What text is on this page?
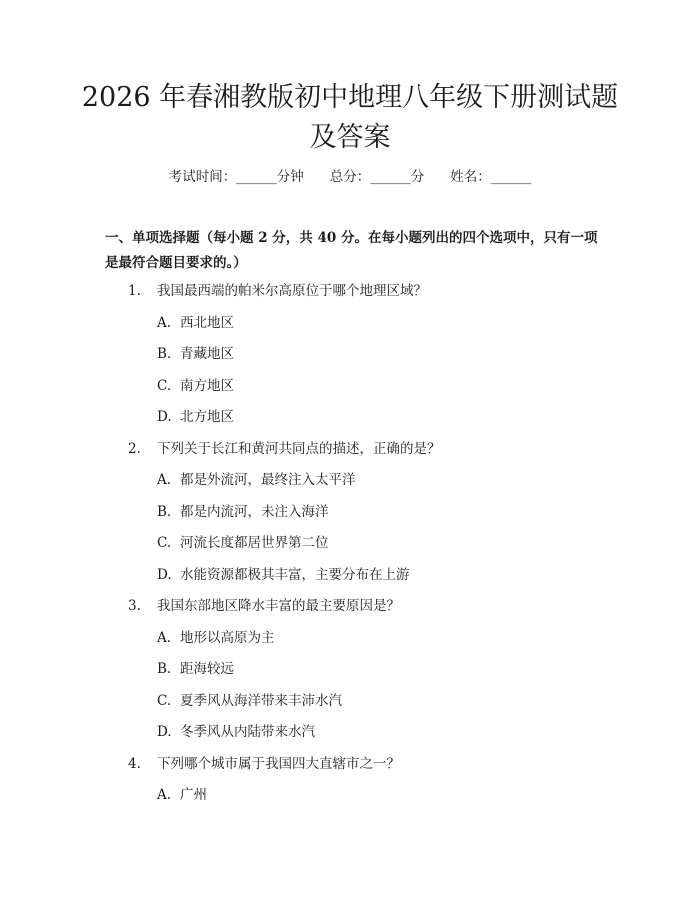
2026 年春湘教版初中地理八年级下册测试题
及答案
考试时间：______分钟 总分：______分 姓名：______
一、单项选择题（每小题 2 分，共 40 分。在每小题列出的四个选项中，只有一项是最符合题目要求的。）
1. 我国最西端的帕米尔高原位于哪个地理区域？
A. 西北地区
B. 青藏地区
C. 南方地区
D. 北方地区
2. 下列关于长江和黄河共同点的描述，正确的是？
A. 都是外流河，最终注入太平洋
B. 都是内流河，未注入海洋
C. 河流长度都居世界第二位
D. 水能资源都极其丰富，主要分布在上游
3. 我国东部地区降水丰富的最主要原因是？
A. 地形以高原为主
B. 距海较远
C. 夏季风从海洋带来丰沛水汽
D. 冬季风从内陆带来水汽
4. 下列哪个城市属于我国四大直辖市之一？
A. 广州
